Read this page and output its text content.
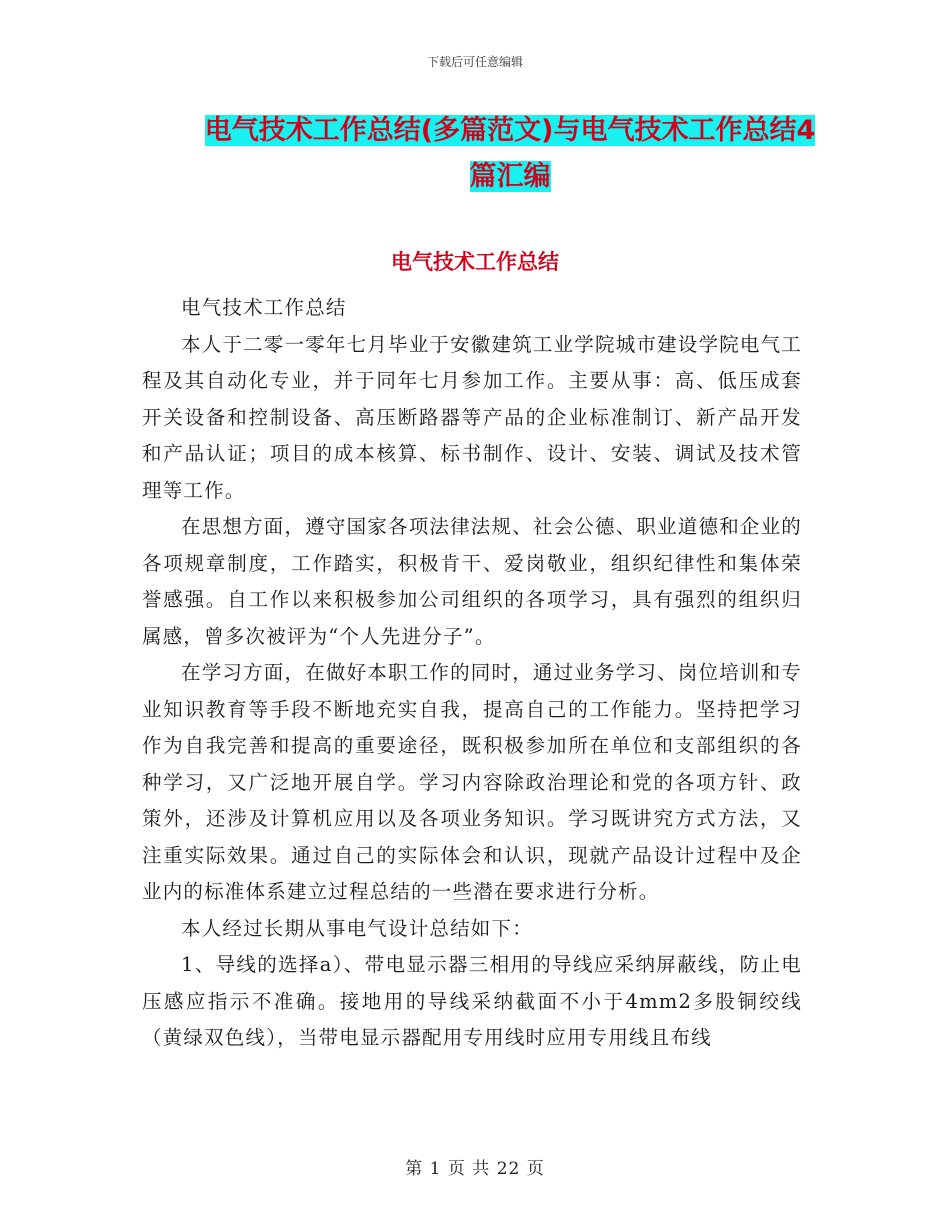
下载后可任意编辑
电气技术工作总结(多篇范文)与电气技术工作总结4
篇汇编
电气技术工作总结

电气技术工作总结

本人于二零一零年七月毕业于安徽建筑工业学院城市建设学院电气工程及其自动化专业，并于同年七月参加工作。主要从事：高、低压成套开关设备和控制设备、高压断路器等产品的企业标准制订、新产品开发和产品认证；项目的成本核算、标书制作、设计、安装、调试及技术管理等工作。

在思想方面，遵守国家各项法律法规、社会公德、职业道德和企业的各项规章制度，工作踏实，积极肯干、爱岗敬业，组织纪律性和集体荣誉感强。自工作以来积极参加公司组织的各项学习，具有强烈的组织归属感，曾多次被评为“个人先进分子”。

在学习方面，在做好本职工作的同时，通过业务学习、岗位培训和专业知识教育等手段不断地充实自我，提高自己的工作能力。坚持把学习作为自我完善和提高的重要途径，既积极参加所在单位和支部组织的各种学习，又广泛地开展自学。学习内容除政治理论和党的各项方针、政策外，还涉及计算机应用以及各项业务知识。学习既讲究方式方法，又注重实际效果。通过自己的实际体会和认识，现就产品设计过程中及企业内的标准体系建立过程总结的一些潜在要求进行分析。

本人经过长期从事电气设计总结如下：

1、导线的选择a）、带电显示器三相用的导线应采纳屏蔽线，防止电压感应指示不准确。接地用的导线采纳截面不小于4mm2多股铜绞线（黄绿双色线），当带电显示器配用专用线时应用专用线且布线

第 1 页 共 22 页
